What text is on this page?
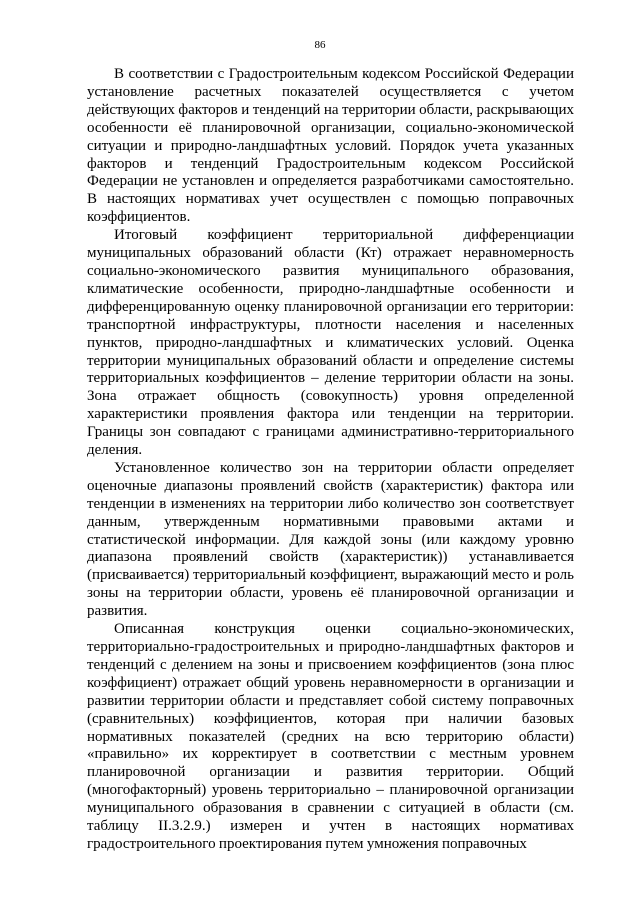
86

В соответствии с Градостроительным кодексом Российской Федерации установление расчетных показателей осуществляется с учетом действующих факторов и тенденций на территории области, раскрывающих особенности её планировочной организации, социально-экономической ситуации и природно-ландшафтных условий. Порядок учета указанных факторов и тенденций Градостроительным кодексом Российской Федерации не установлен и определяется разработчиками самостоятельно. В настоящих нормативах учет осуществлен с помощью поправочных коэффициентов.

Итоговый коэффициент территориальной дифференциации муниципальных образований области (Кт) отражает неравномерность социально-экономического развития муниципального образования, климатические особенности, природно-ландшафтные особенности и дифференцированную оценку планировочной организации его территории: транспортной инфраструктуры, плотности населения и населенных пунктов, природно-ландшафтных и климатических условий. Оценка территории муниципальных образований области и определение системы территориальных коэффициентов – деление территории области на зоны. Зона отражает общность (совокупность) уровня определенной характеристики проявления фактора или тенденции на территории. Границы зон совпадают с границами административно-территориального деления.

Установленное количество зон на территории области определяет оценочные диапазоны проявлений свойств (характеристик) фактора или тенденции в изменениях на территории либо количество зон соответствует данным, утвержденным нормативными правовыми актами и статистической информации. Для каждой зоны (или каждому уровню диапазона проявлений свойств (характеристик)) устанавливается (присваивается) территориальный коэффициент, выражающий место и роль зоны на территории области, уровень её планировочной организации и развития.

Описанная конструкция оценки социально-экономических, территориально-градостроительных и природно-ландшафтных факторов и тенденций с делением на зоны и присвоением коэффициентов (зона плюс коэффициент) отражает общий уровень неравномерности в организации и развитии территории области и представляет собой систему поправочных (сравнительных) коэффициентов, которая при наличии базовых нормативных показателей (средних на всю территорию области) «правильно» их корректирует в соответствии с местным уровнем планировочной организации и развития территории. Общий (многофакторный) уровень территориально – планировочной организации муниципального образования в сравнении с ситуацией в области (см. таблицу II.3.2.9.) измерен и учтен в настоящих нормативах градостроительного проектирования путем умножения поправочных
